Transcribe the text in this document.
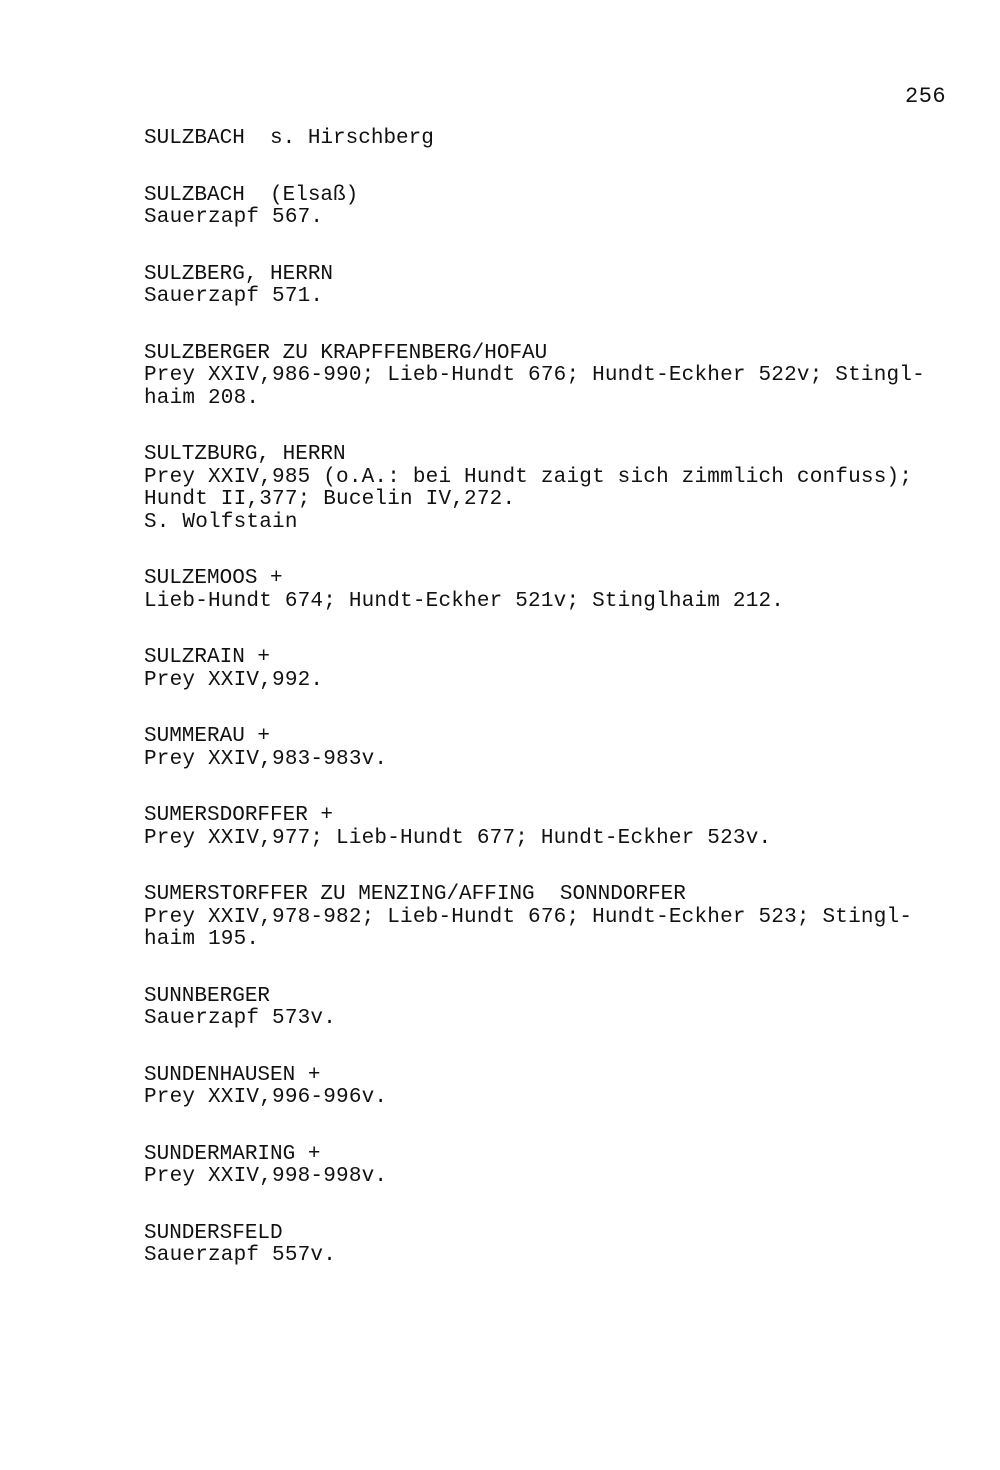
256
SULZBACH  s. Hirschberg
SULZBACH  (Elsaß)
Sauerzapf 567.
SULZBERG, HERRN
Sauerzapf 571.
SULZBERGER ZU KRAPFFENBERG/HOFAU
Prey XXIV,986-990; Lieb-Hundt 676; Hundt-Eckher 522v; Stingl-
haim 208.
SULTZBURG, HERRN
Prey XXIV,985 (o.A.: bei Hundt zaigt sich zimmlich confuss);
Hundt II,377; Bucelin IV,272.
S. Wolfstain
SULZEMOOS +
Lieb-Hundt 674; Hundt-Eckher 521v; Stinglhaim 212.
SULZRAIN +
Prey XXIV,992.
SUMMERAU +
Prey XXIV,983-983v.
SUMERSDORFFER +
Prey XXIV,977; Lieb-Hundt 677; Hundt-Eckher 523v.
SUMERSTORFFER ZU MENZING/AFFING  SONNDORFER
Prey XXIV,978-982; Lieb-Hundt 676; Hundt-Eckher 523; Stingl-
haim 195.
SUNNBERGER
Sauerzapf 573v.
SUNDENHAUSEN +
Prey XXIV,996-996v.
SUNDERMARING +
Prey XXIV,998-998v.
SUNDERSFELD
Sauerzapf 557v.
